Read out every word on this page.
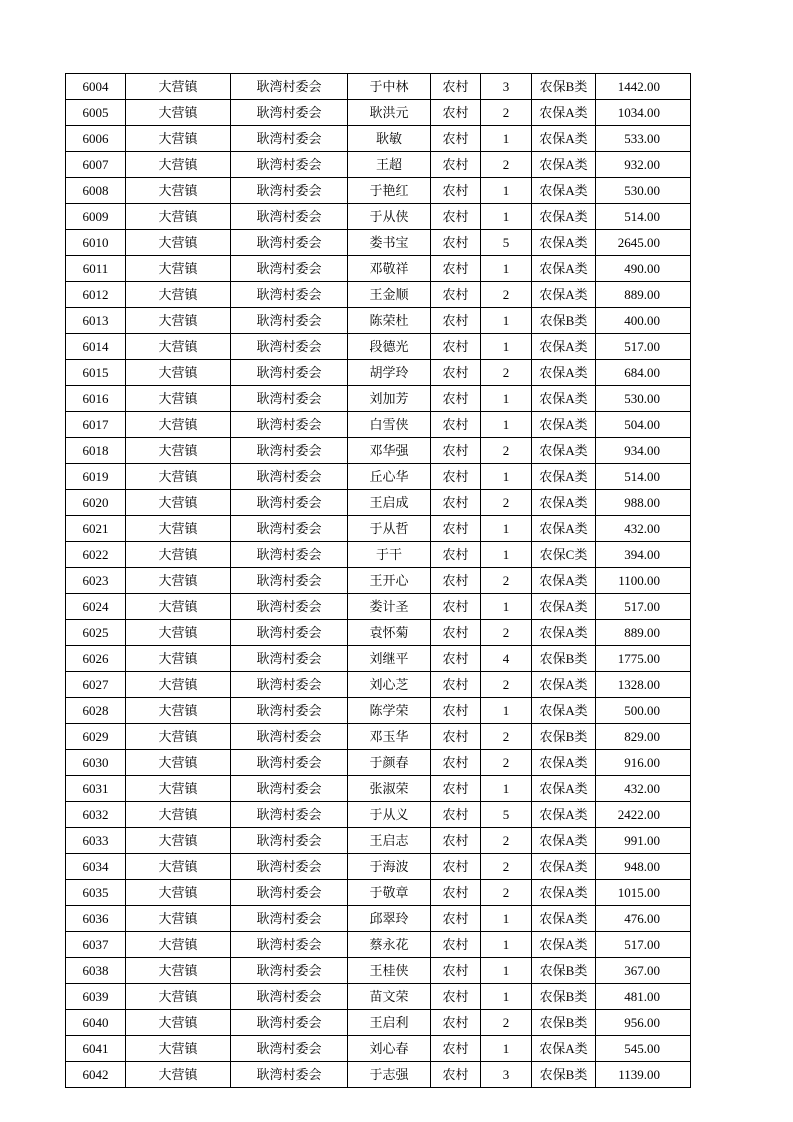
6004	大营镇	耿湾村委会	于中林	农村	3	农保B类	1442.00
6005	大营镇	耿湾村委会	耿洪元	农村	2	农保A类	1034.00
6006	大营镇	耿湾村委会	耿敏	农村	1	农保A类	533.00
6007	大营镇	耿湾村委会	王超	农村	2	农保A类	932.00
6008	大营镇	耿湾村委会	于艳红	农村	1	农保A类	530.00
6009	大营镇	耿湾村委会	于从侠	农村	1	农保A类	514.00
6010	大营镇	耿湾村委会	娄书宝	农村	5	农保A类	2645.00
6011	大营镇	耿湾村委会	邓敬祥	农村	1	农保A类	490.00
6012	大营镇	耿湾村委会	王金顺	农村	2	农保A类	889.00
6013	大营镇	耿湾村委会	陈荣杜	农村	1	农保B类	400.00
6014	大营镇	耿湾村委会	段德光	农村	1	农保A类	517.00
6015	大营镇	耿湾村委会	胡学玲	农村	2	农保A类	684.00
6016	大营镇	耿湾村委会	刘加芳	农村	1	农保A类	530.00
6017	大营镇	耿湾村委会	白雪侠	农村	1	农保A类	504.00
6018	大营镇	耿湾村委会	邓华强	农村	2	农保A类	934.00
6019	大营镇	耿湾村委会	丘心华	农村	1	农保A类	514.00
6020	大营镇	耿湾村委会	王启成	农村	2	农保A类	988.00
6021	大营镇	耿湾村委会	于从哲	农村	1	农保A类	432.00
6022	大营镇	耿湾村委会	于干	农村	1	农保C类	394.00
6023	大营镇	耿湾村委会	王开心	农村	2	农保A类	1100.00
6024	大营镇	耿湾村委会	娄计圣	农村	1	农保A类	517.00
6025	大营镇	耿湾村委会	袁怀菊	农村	2	农保A类	889.00
6026	大营镇	耿湾村委会	刘继平	农村	4	农保B类	1775.00
6027	大营镇	耿湾村委会	刘心芝	农村	2	农保A类	1328.00
6028	大营镇	耿湾村委会	陈学荣	农村	1	农保A类	500.00
6029	大营镇	耿湾村委会	邓玉华	农村	2	农保B类	829.00
6030	大营镇	耿湾村委会	于颜春	农村	2	农保A类	916.00
6031	大营镇	耿湾村委会	张淑荣	农村	1	农保A类	432.00
6032	大营镇	耿湾村委会	于从义	农村	5	农保A类	2422.00
6033	大营镇	耿湾村委会	王启志	农村	2	农保A类	991.00
6034	大营镇	耿湾村委会	于海波	农村	2	农保A类	948.00
6035	大营镇	耿湾村委会	于敬章	农村	2	农保A类	1015.00
6036	大营镇	耿湾村委会	邱翠玲	农村	1	农保A类	476.00
6037	大营镇	耿湾村委会	蔡永花	农村	1	农保A类	517.00
6038	大营镇	耿湾村委会	王桂侠	农村	1	农保B类	367.00
6039	大营镇	耿湾村委会	苗文荣	农村	1	农保B类	481.00
6040	大营镇	耿湾村委会	王启利	农村	2	农保B类	956.00
6041	大营镇	耿湾村委会	刘心春	农村	1	农保A类	545.00
6042	大营镇	耿湾村委会	于志强	农村	3	农保B类	1139.00
